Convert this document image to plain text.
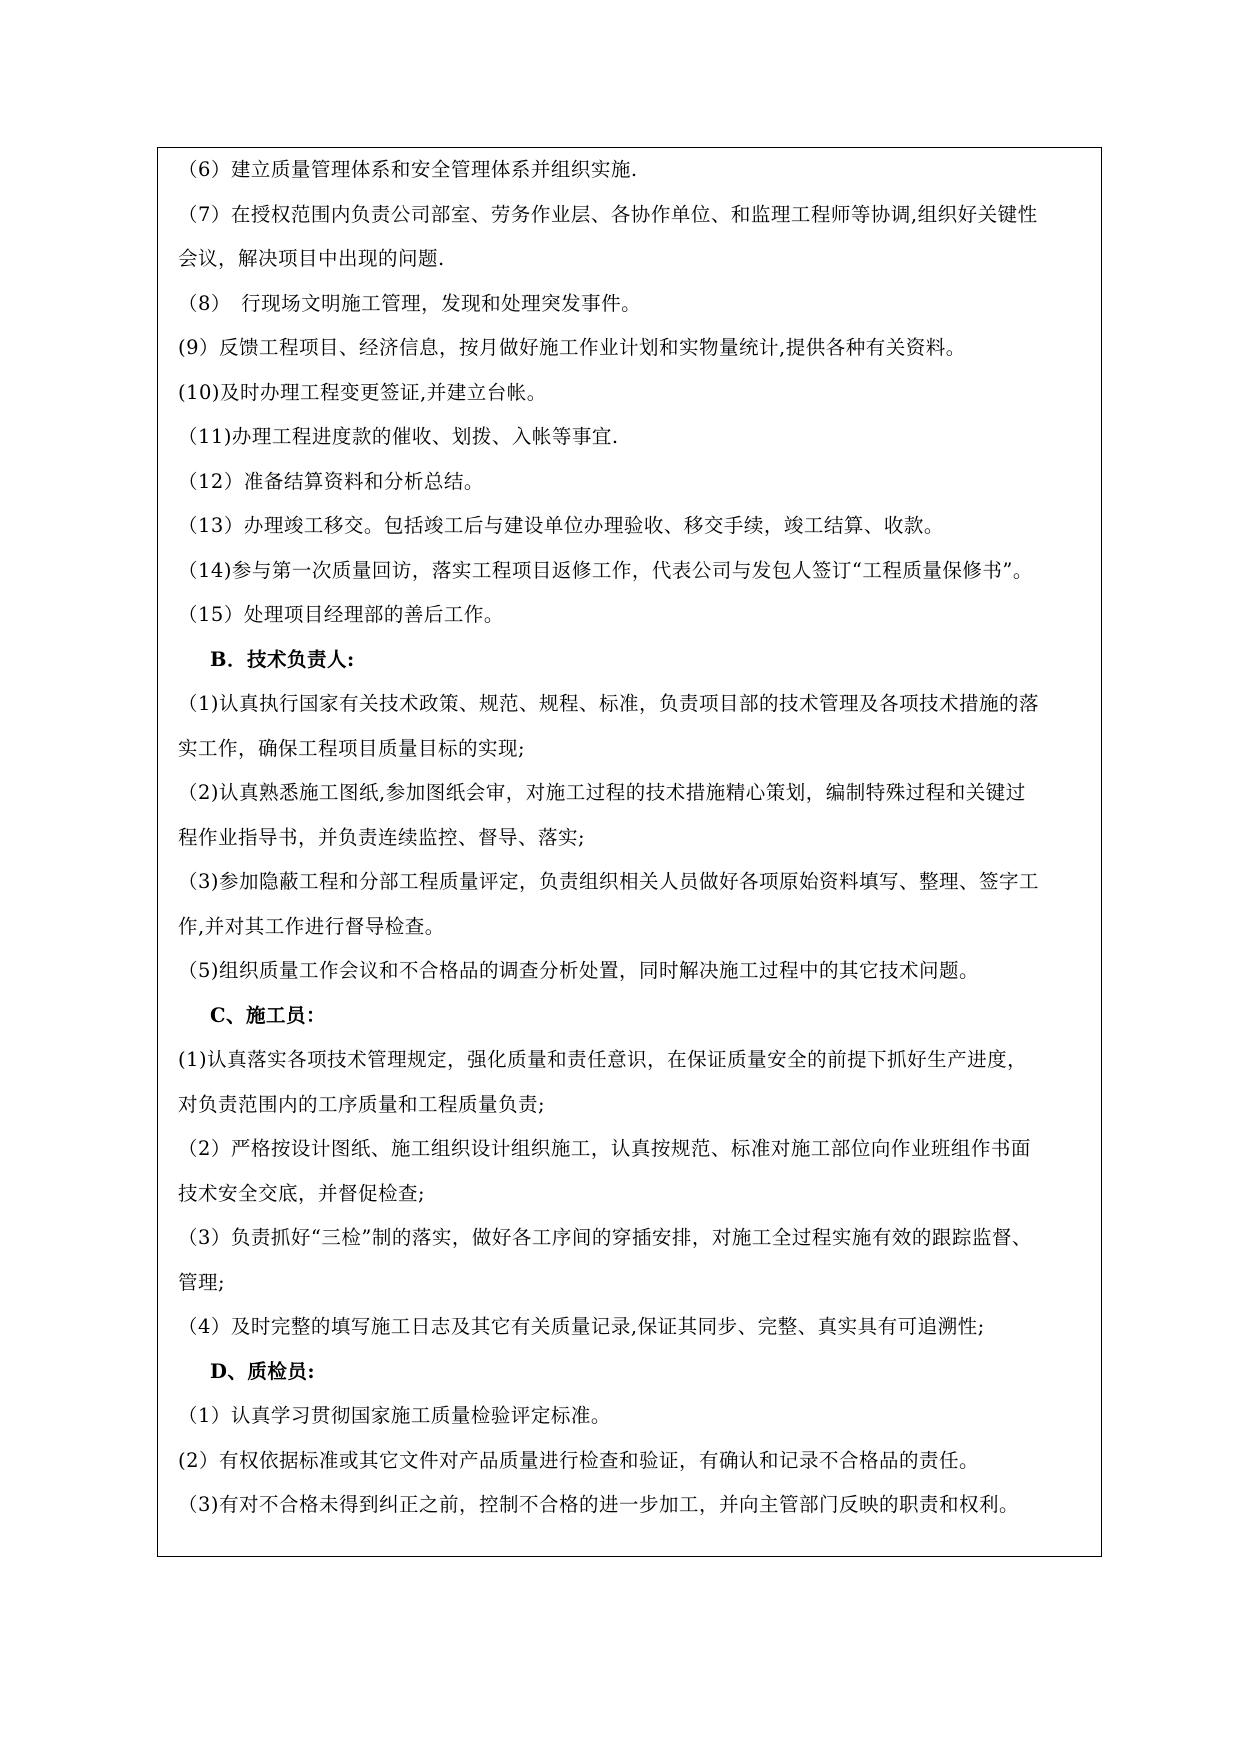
（6）建立质量管理体系和安全管理体系并组织实施.
（7）在授权范围内负责公司部室、劳务作业层、各协作单位、和监理工程师等协调,组织好关键性
会议，解决项目中出现的问题.
（8）　行现场文明施工管理，发现和处理突发事件。
(9）反馈工程项目、经济信息，按月做好施工作业计划和实物量统计,提供各种有关资料。
(10)及时办理工程变更签证,并建立台帐。
（11)办理工程进度款的催收、划拨、入帐等事宜.
（12）准备结算资料和分析总结。
（13）办理竣工移交。包括竣工后与建设单位办理验收、移交手续，竣工结算、收款。
（14)参与第一次质量回访，落实工程项目返修工作，代表公司与发包人签订“工程质量保修书”。
（15）处理项目经理部的善后工作。
B．技术负责人:
（1)认真执行国家有关技术政策、规范、规程、标准，负责项目部的技术管理及各项技术措施的落
实工作，确保工程项目质量目标的实现;
（2)认真熟悉施工图纸,参加图纸会审，对施工过程的技术措施精心策划，编制特殊过程和关键过
程作业指导书，并负责连续监控、督导、落实;
（3)参加隐蔽工程和分部工程质量评定，负责组织相关人员做好各项原始资料填写、整理、签字工
作,并对其工作进行督导检查。
（5)组织质量工作会议和不合格品的调查分析处置，同时解决施工过程中的其它技术问题。
C、施工员：
(1)认真落实各项技术管理规定，强化质量和责任意识，在保证质量安全的前提下抓好生产进度，
对负责范围内的工序质量和工程质量负责;
（2）严格按设计图纸、施工组织设计组织施工，认真按规范、标准对施工部位向作业班组作书面
技术安全交底，并督促检查;
（3）负责抓好“三检”制的落实，做好各工序间的穿插安排，对施工全过程实施有效的跟踪监督、
管理;
（4）及时完整的填写施工日志及其它有关质量记录,保证其同步、完整、真实具有可追溯性;
D、质检员:
（1）认真学习贯彻国家施工质量检验评定标准。
(2）有权依据标准或其它文件对产品质量进行检查和验证，有确认和记录不合格品的责任。
（3)有对不合格未得到纠正之前，控制不合格的进一步加工，并向主管部门反映的职责和权利。
